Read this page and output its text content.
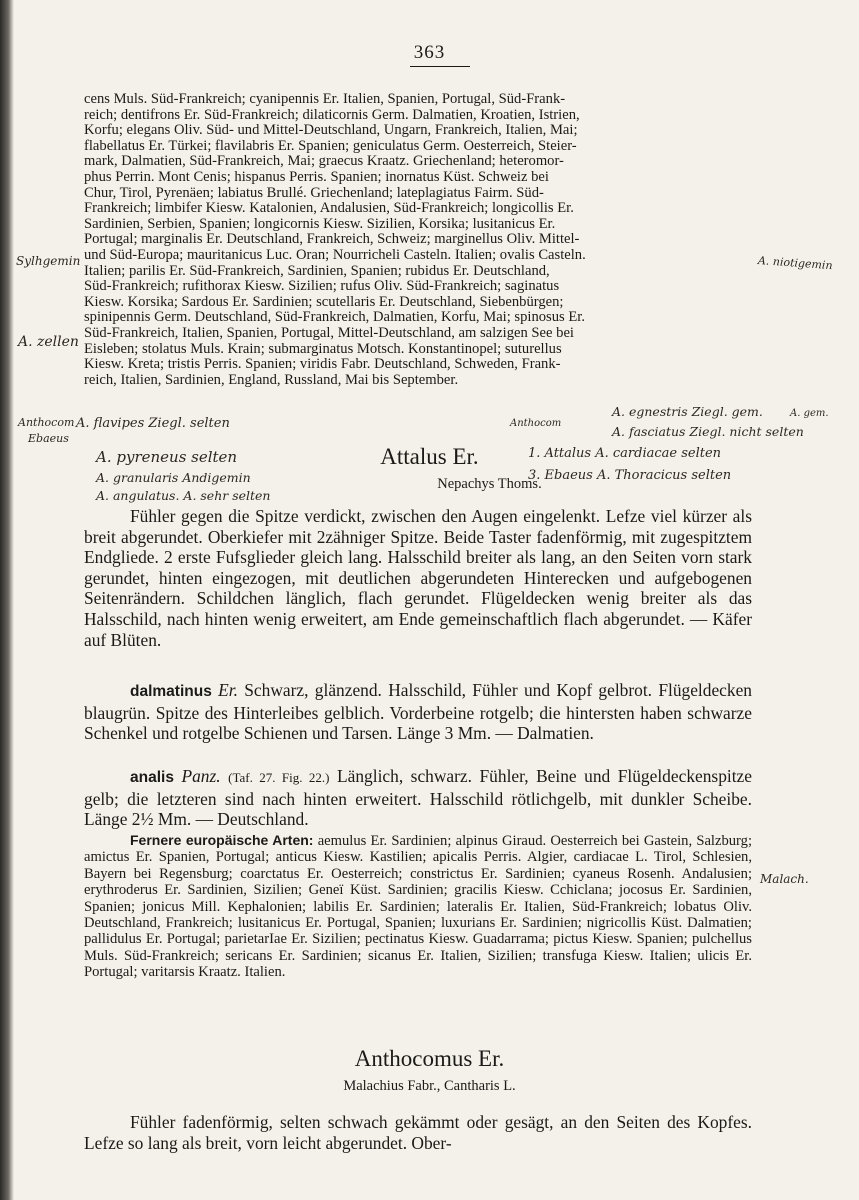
363
cens Muls. Süd-Frankreich; cyanipennis Er. Italien, Spanien, Portugal, Süd-Frank-
reich; dentifrons Er. Süd-Frankreich; dilaticornis Germ. Dalmatien, Kroatien, Istrien,
Korfu; elegans Oliv. Süd- und Mittel-Deutschland, Ungarn, Frankreich, Italien, Mai;
flabellatus Er. Türkei; flavilabris Er. Spanien; geniculatus Germ. Oesterreich, Steier-
mark, Dalmatien, Süd-Frankreich, Mai; graecus Kraatz. Griechenland; heteromor-
phus Perrin. Mont Cenis; hispanus Perris. Spanien; inornatus Küst. Schweiz bei
Chur, Tirol, Pyrenäen; labiatus Brullé. Griechenland; lateplagiatus Fairm. Süd-
Frankreich; limbifer Kiesw. Katalonien, Andalusien, Süd-Frankreich; longicollis Er.
Sardinien, Serbien, Spanien; longicornis Kiesw. Sizilien, Korsika; lusitanicus Er.
Portugal; marginalis Er. Deutschland, Frankreich, Schweiz; marginellus Oliv. Mittel-
und Süd-Europa; mauritanicus Luc. Oran; Nourricheli Casteln. Italien; ovalis Casteln.
Italien; parilis Er. Süd-Frankreich, Sardinien, Spanien; rubidus Er. Deutschland,
Süd-Frankreich; rufithorax Kiesw. Sizilien; rufus Oliv. Süd-Frankreich; saginatus
Kiesw. Korsika; Sardous Er. Sardinien; scutellaris Er. Deutschland, Siebenbürgen;
spinipennis Germ. Deutschland, Süd-Frankreich, Dalmatien, Korfu, Mai; spinosus Er.
Süd-Frankreich, Italien, Spanien, Portugal, Mittel-Deutschland, am salzigen See bei
Eisleben; stolatus Muls. Krain; submarginatus Motsch. Konstantinopel; suturellus
Kiesw. Kreta; tristis Perris. Spanien; viridis Fabr. Deutschland, Schweden, Frank-
reich, Italien, Sardinien, England, Russland, Mai bis September.
Attalus Er.
Nepachys Thoms.
Fühler gegen die Spitze verdickt, zwischen den Augen eingelenkt. Lefze viel kürzer als breit abgerundet. Oberkiefer mit 2zähniger Spitze. Beide Taster fadenförmig, mit zugespitztem Endgliede. 2 erste Fufsglieder gleich lang. Halsschild breiter als lang, an den Seiten vorn stark gerundet, hinten eingezogen, mit deutlichen abgerundeten Hinterecken und aufgebogenen Seitenrändern. Schildchen länglich, flach gerundet. Flügeldecken wenig breiter als das Halsschild, nach hinten wenig erweitert, am Ende gemeinschaftlich flach abgerundet. — Käfer auf Blüten.
dalmatinus Er. Schwarz, glänzend. Halsschild, Fühler und Kopf gelbrot. Flügeldecken blaugrün. Spitze des Hinterleibes gelblich. Vorderbeine rotgelb; die hintersten haben schwarze Schenkel und rotgelbe Schienen und Tarsen. Länge 3 Mm. — Dalmatien.
analis Panz. (Taf. 27. Fig. 22.) Länglich, schwarz. Fühler, Beine und Flügeldeckenspitze gelb; die letzteren sind nach hinten erweitert. Halsschild rötlichgelb, mit dunkler Scheibe. Länge 2½ Mm. — Deutschland.
Fernere europäische Arten: aemulus Er. Sardinien; alpinus Giraud. Oesterreich bei Gastein, Salzburg; amictus Er. Spanien, Portugal; anticus Kiesw. Kastilien; apicalis Perris. Algier, cardiacae L. Tirol, Schlesien, Bayern bei Regensburg; coarctatus Er. Oesterreich; constrictus Er. Sardinien; cyaneus Rosenh. Andalusien; erythroderus Er. Sardinien, Sizilien; Geneï Küst. Sardinien; gracilis Kiesw. Cchiclana; jocosus Er. Sardinien, Spanien; jonicus Mill. Kephalonien; labilis Er. Sardinien; lateralis Er. Italien, Süd-Frankreich; lobatus Oliv. Deutschland, Frankreich; lusitanicus Er. Portugal, Spanien; luxurians Er. Sardinien; nigricollis Küst. Dalmatien; pallidulus Er. Portugal; parietarIae Er. Sizilien; pectinatus Kiesw. Guadarrama; pictus Kiesw. Spanien; pulchellus Muls. Süd-Frankreich; sericans Er. Sardinien; sicanus Er. Italien, Sizilien; transfuga Kiesw. Italien; ulicis Er. Portugal; varitarsis Kraatz. Italien.
Anthocomus Er.
Malachius Fabr., Cantharis L.
Fühler fadenförmig, selten schwach gekämmt oder gesägt, an den Seiten des Kopfes. Lefze so lang als breit, vorn leicht abgerundet. Ober-
Sylhgemin	A. niotigemin
A. zellen
Anthocom A. flavipes Ziegl. selten
Ebaeus
A. pyreneus selten
A. granularis Andigemin
A. angulatus. A. sehr selten
A. egnestris Ziegl. gem.
Anthocom
A. fasciatus Ziegl. nicht selten
1. Attalus A. cardiacae selten
3. Ebaeus A. Thoracicus selten
A. gem.
Malach.
